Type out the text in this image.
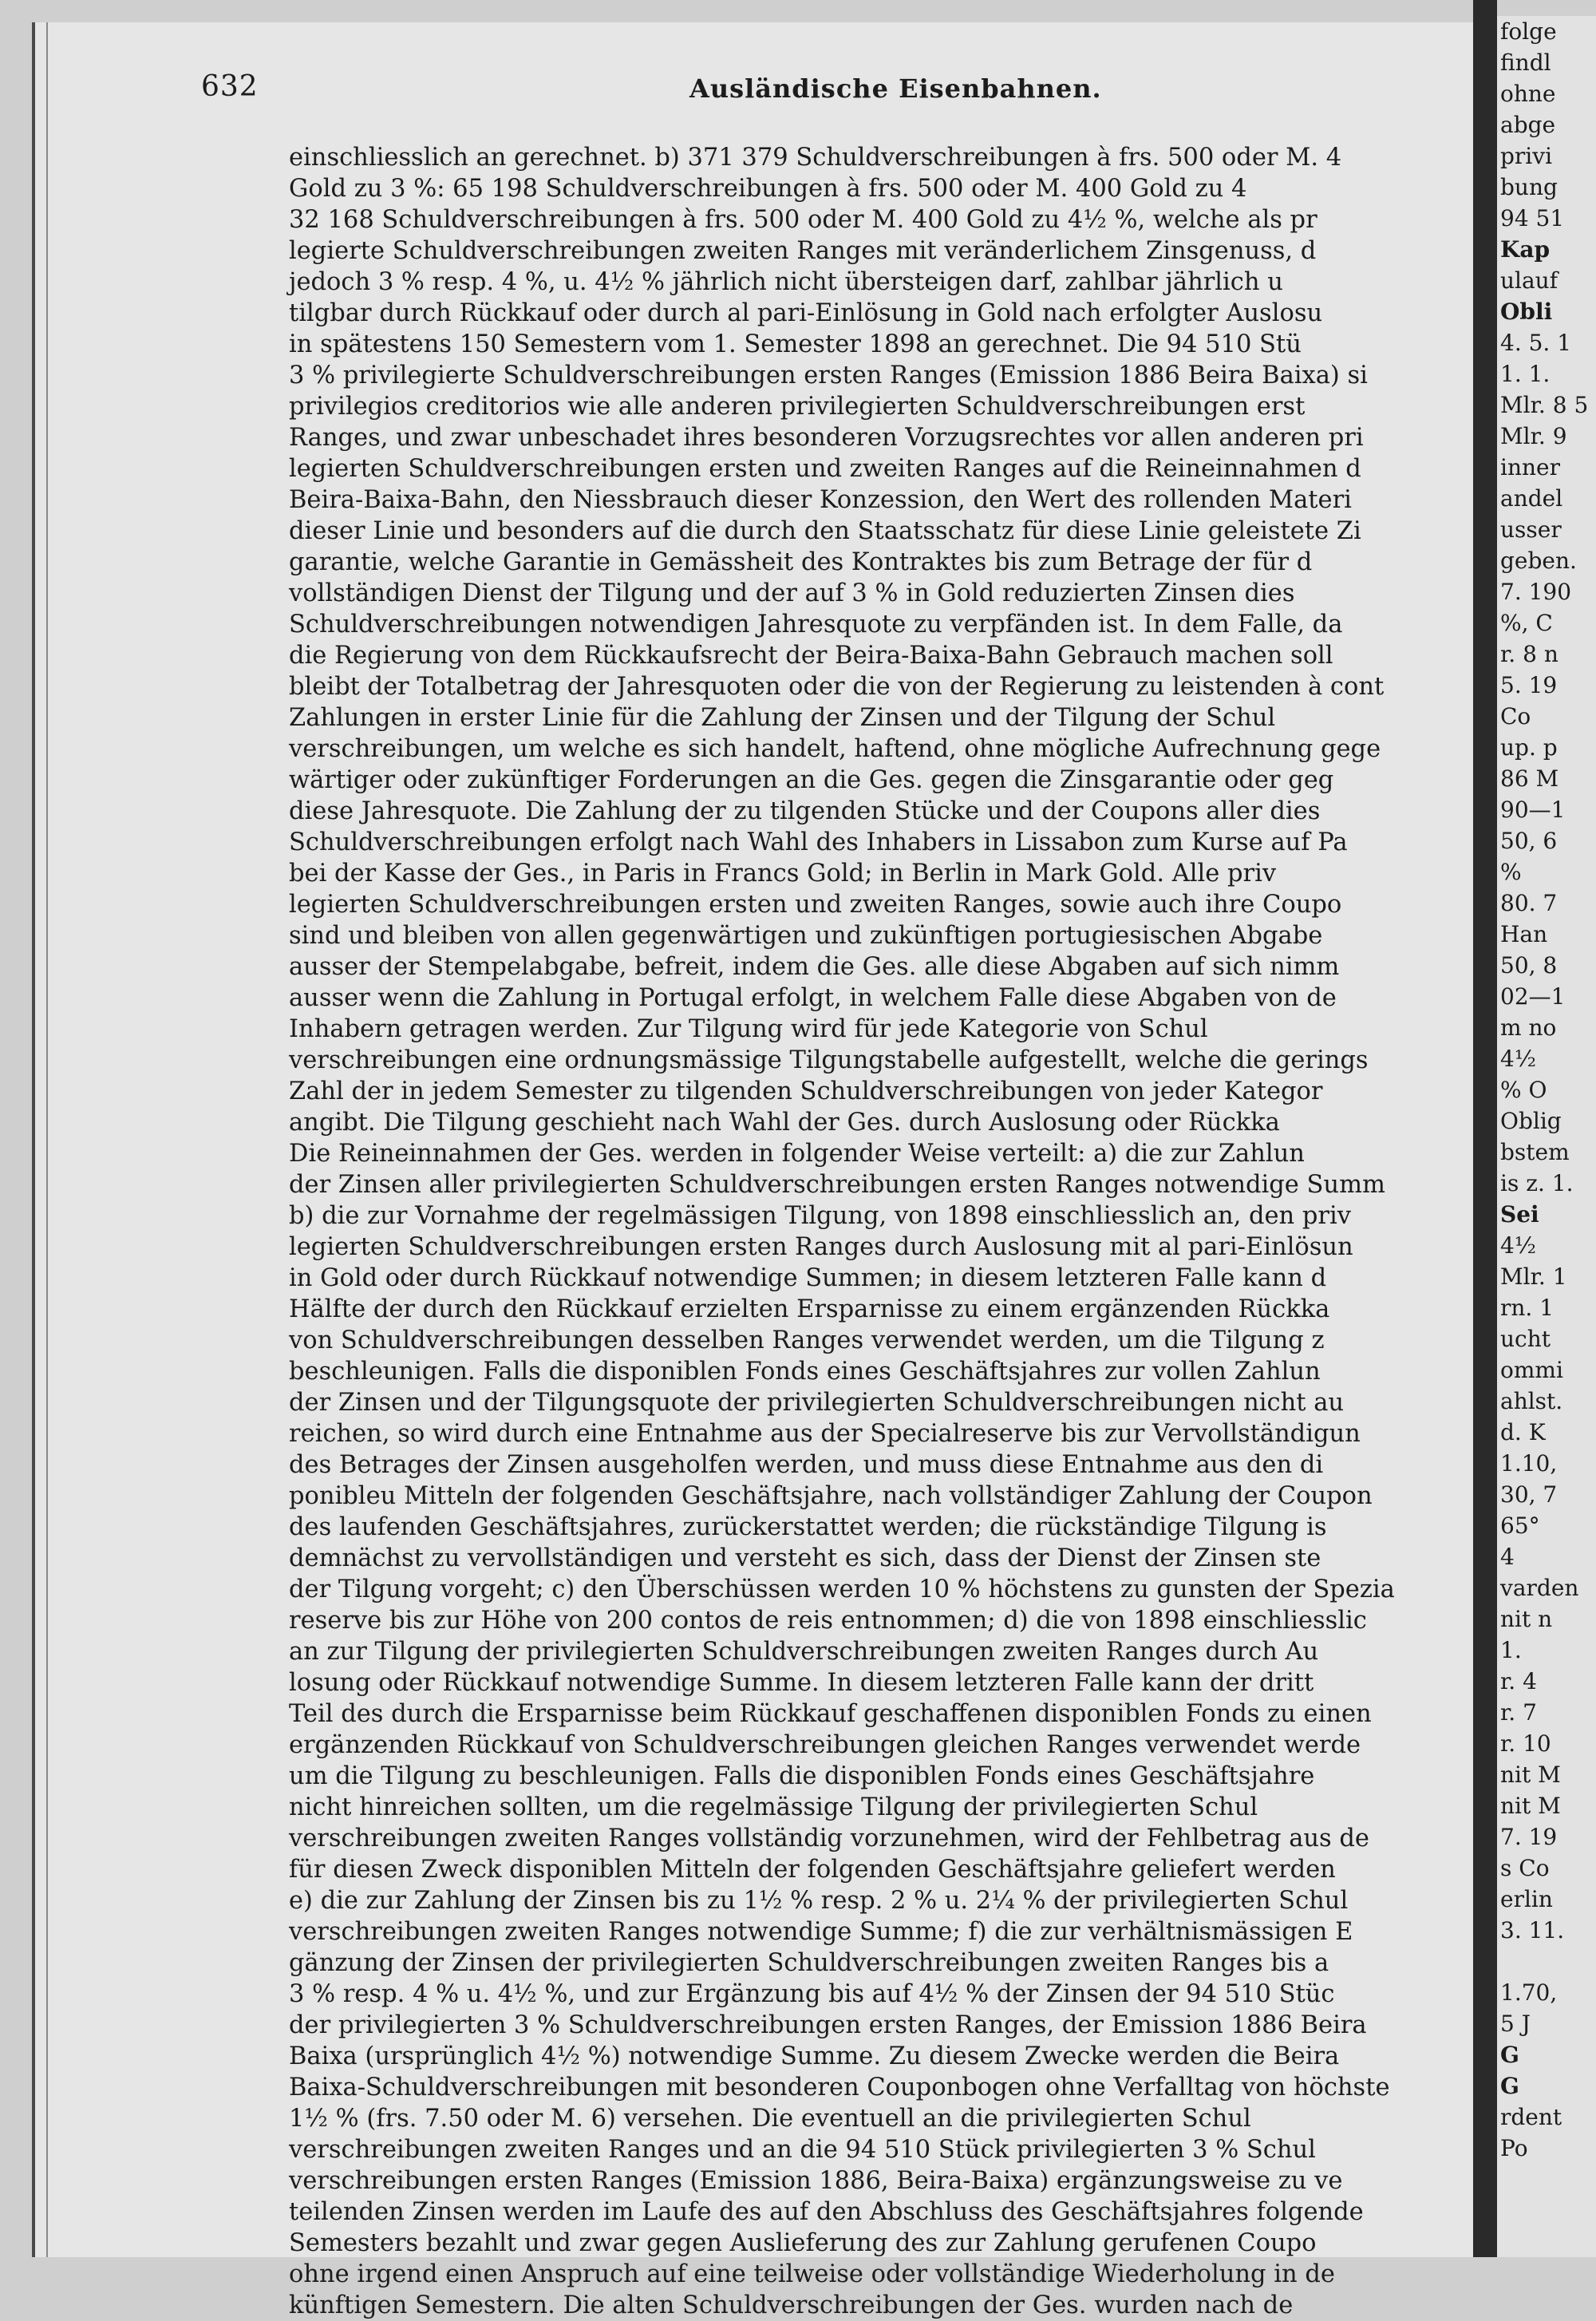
632	Ausländische Eisenbahnen.
einschliesslich an gerechnet. b) 371 379 Schuldverschreibungen à frs. 500 oder M. 4
Gold zu 3 %: 65 198 Schuldverschreibungen à frs. 500 oder M. 400 Gold zu 4
32 168 Schuldverschreibungen à frs. 500 oder M. 400 Gold zu 4½ %, welche als pr
legierte Schuldverschreibungen zweiten Ranges mit veränderlichem Zinsgenuss, d
jedoch 3 % resp. 4 %, u. 4½ % jährlich nicht übersteigen darf, zahlbar jährlich u
tilgbar durch Rückkauf oder durch al pari-Einlösung in Gold nach erfolgter Auslosu
in spätestens 150 Semestern vom 1. Semester 1898 an gerechnet. Die 94 510 Stü
3 % privilegierte Schuldverschreibungen ersten Ranges (Emission 1886 Beira Baixa) si
privilegios creditorios wie alle anderen privilegierten Schuldverschreibungen erst
Ranges, und zwar unbeschadet ihres besonderen Vorzugsrechtes vor allen anderen pri
legierten Schuldverschreibungen ersten und zweiten Ranges auf die Reineinnahmen d
Beira-Baixa-Bahn, den Niessbrauch dieser Konzession, den Wert des rollenden Materi
dieser Linie und besonders auf die durch den Staatsschatz für diese Linie geleistete Zi
garantie, welche Garantie in Gemässheit des Kontraktes bis zum Betrage der für d
vollständigen Dienst der Tilgung und der auf 3 % in Gold reduzierten Zinsen dies
Schuldverschreibungen notwendigen Jahresquote zu verpfänden ist. In dem Falle, da
die Regierung von dem Rückkaufsrecht der Beira-Baixa-Bahn Gebrauch machen soll
bleibt der Totalbetrag der Jahresquoten oder die von der Regierung zu leistenden à cont
Zahlungen in erster Linie für die Zahlung der Zinsen und der Tilgung der Schul
verschreibungen, um welche es sich handelt, haftend, ohne mögliche Aufrechnung gege
wärtiger oder zukünftiger Forderungen an die Ges. gegen die Zinsgarantie oder geg
diese Jahresquote. Die Zahlung der zu tilgenden Stücke und der Coupons aller dies
Schuldverschreibungen erfolgt nach Wahl des Inhabers in Lissabon zum Kurse auf Pa
bei der Kasse der Ges., in Paris in Francs Gold; in Berlin in Mark Gold. Alle priv
legierten Schuldverschreibungen ersten und zweiten Ranges, sowie auch ihre Coupo
sind und bleiben von allen gegenwärtigen und zukünftigen portugiesischen Abgabe
ausser der Stempelabgabe, befreit, indem die Ges. alle diese Abgaben auf sich nimm
ausser wenn die Zahlung in Portugal erfolgt, in welchem Falle diese Abgaben von de
Inhabern getragen werden. Zur Tilgung wird für jede Kategorie von Schul
verschreibungen eine ordnungsmässige Tilgungstabelle aufgestellt, welche die gerings
Zahl der in jedem Semester zu tilgenden Schuldverschreibungen von jeder Kategor
angibt. Die Tilgung geschieht nach Wahl der Ges. durch Auslosung oder Rückka
Die Reineinnahmen der Ges. werden in folgender Weise verteilt: a) die zur Zahlun
der Zinsen aller privilegierten Schuldverschreibungen ersten Ranges notwendige Summ
b) die zur Vornahme der regelmässigen Tilgung, von 1898 einschliesslich an, den priv
legierten Schuldverschreibungen ersten Ranges durch Auslosung mit al pari-Einlösun
in Gold oder durch Rückkauf notwendige Summen; in diesem letzteren Falle kann d
Hälfte der durch den Rückkauf erzielten Ersparnisse zu einem ergänzenden Rückka
von Schuldverschreibungen desselben Ranges verwendet werden, um die Tilgung z
beschleunigen. Falls die disponiblen Fonds eines Geschäftsjahres zur vollen Zahlun
der Zinsen und der Tilgungsquote der privilegierten Schuldverschreibungen nicht au
reichen, so wird durch eine Entnahme aus der Specialreserve bis zur Vervollständigun
des Betrages der Zinsen ausgeholfen werden, und muss diese Entnahme aus den di
ponibleu Mitteln der folgenden Geschäftsjahre, nach vollständiger Zahlung der Coupon
des laufenden Geschäftsjahres, zurückerstattet werden; die rückständige Tilgung is
demnächst zu vervollständigen und versteht es sich, dass der Dienst der Zinsen ste
der Tilgung vorgeht; c) den Überschüssen werden 10 % höchstens zu gunsten der Spezia
reserve bis zur Höhe von 200 contos de reis entnommen; d) die von 1898 einschliesslic
an zur Tilgung der privilegierten Schuldverschreibungen zweiten Ranges durch Au
losung oder Rückkauf notwendige Summe. In diesem letzteren Falle kann der dritt
Teil des durch die Ersparnisse beim Rückkauf geschaffenen disponiblen Fonds zu einen
ergänzenden Rückkauf von Schuldverschreibungen gleichen Ranges verwendet werde
um die Tilgung zu beschleunigen. Falls die disponiblen Fonds eines Geschäftsjahre
nicht hinreichen sollten, um die regelmässige Tilgung der privilegierten Schul
verschreibungen zweiten Ranges vollständig vorzunehmen, wird der Fehlbetrag aus de
für diesen Zweck disponiblen Mitteln der folgenden Geschäftsjahre geliefert werden
e) die zur Zahlung der Zinsen bis zu 1½ % resp. 2 % u. 2¼ % der privilegierten Schul
verschreibungen zweiten Ranges notwendige Summe; f) die zur verhältnismässigen E
gänzung der Zinsen der privilegierten Schuldverschreibungen zweiten Ranges bis a
3 % resp. 4 % u. 4½ %, und zur Ergänzung bis auf 4½ % der Zinsen der 94 510 Stüc
der privilegierten 3 % Schuldverschreibungen ersten Ranges, der Emission 1886 Beira
Baixa (ursprünglich 4½ %) notwendige Summe. Zu diesem Zwecke werden die Beira
Baixa-Schuldverschreibungen mit besonderen Couponbogen ohne Verfalltag von höchste
1½ % (frs. 7.50 oder M. 6) versehen. Die eventuell an die privilegierten Schul
verschreibungen zweiten Ranges und an die 94 510 Stück privilegierten 3 % Schul
verschreibungen ersten Ranges (Emission 1886, Beira-Baixa) ergänzungsweise zu ve
teilenden Zinsen werden im Laufe des auf den Abschluss des Geschäftsjahres folgende
Semesters bezahlt und zwar gegen Auslieferung des zur Zahlung gerufenen Coupo
ohne irgend einen Anspruch auf eine teilweise oder vollständige Wiederholung in de
künftigen Semestern. Die alten Schuldverschreibungen der Ges. wurden nach de
folge
findl
ohne
abge
privi
bung
94 51
Kap
ulauf
Obli
4. 5. 1
1. 1.
Mlr. 8 5
Mlr. 9
inner
andel
usser
geben.
7. 190
%, C
r. 8 n
5. 19
Co
up. p
86 M
90—1
50, 6
%
80. 7
Han
50, 8
02—1
m no
4½
% O
Oblig
bstem
is z. 1.
Sei
4½
Mlr. 1
rn. 1
ucht
ommi
ahlst.
d. K
1.10,
30, 7
65°
4
varden
nit n
1.
r. 4
r. 7
r. 10
nit M
nit M
7. 19
s Co
erlin
3. 11.
1.70,
5 J
G
G
rdent
Po
